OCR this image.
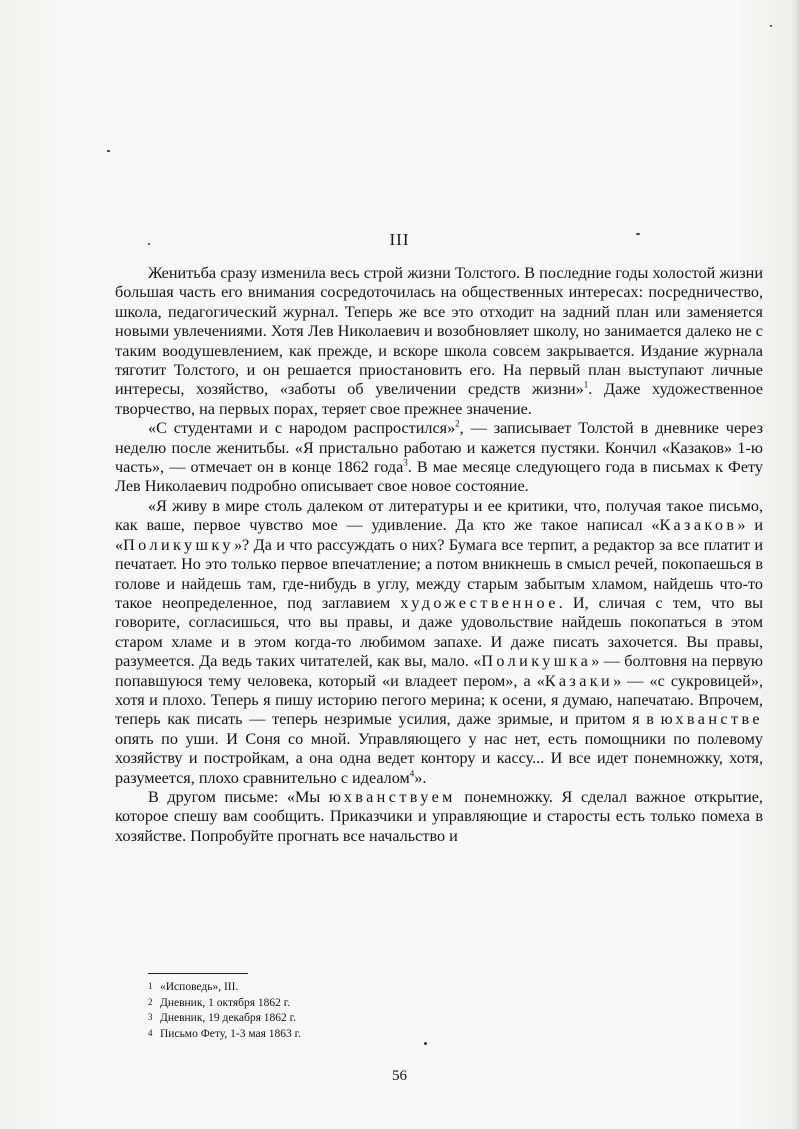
III

Женитьба сразу изменила весь строй жизни Толстого. В последние годы холостой жизни большая часть его внимания сосредоточилась на общественных интересах: посредничество, школа, педагогический журнал. Теперь же все это отходит на задний план или заменяется новыми увлечениями. Хотя Лев Николаевич и возобновляет школу, но занимается далеко не с таким воодушевлением, как прежде, и вскоре школа совсем закрывается. Издание журнала тяготит Толстого, и он решается приостановить его. На первый план выступают личные интересы, хозяйство, «заботы об увеличении средств жизни»$^1$. Даже художественное творчество, на первых порах, теряет свое прежнее значение.

«С студентами и с народом распростился»$^2$, — записывает Толстой в дневнике через неделю после женитьбы. «Я пристально работаю и кажется пустяки. Кончил «Казаков» 1-ю часть», — отмечает он в конце 1862 года$^3$. В мае месяце следующего года в письмах к Фету Лев Николаевич подробно описывает свое новое состояние.

«Я живу в мире столь далеком от литературы и ее критики, что, получая такое письмо, как ваше, первое чувство мое — удивление. Да кто же такое написал «Казаков» и «Поликушку»? Да и что рассуждать о них? Бумага все терпит, а редактор за все платит и печатает. Но это только первое впечатление; а потом вникнешь в смысл речей, покопаешься в голове и найдешь там, где-нибудь в углу, между старым забытым хламом, найдешь что-то такое неопределенное, под заглавием художественное. И, сличая с тем, что вы говорите, согласишься, что вы правы, и даже удовольствие найдешь покопаться в этом старом хламе и в этом когда-то любимом запахе. И даже писать захочется. Вы правы, разумеется. Да ведь таких читателей, как вы, мало. «Поликушка» — болтовня на первую попавшуюся тему человека, который «и владеет пером», а «Казаки» — «с сукровицей», хотя и плохо. Теперь я пишу историю пегого мерина; к осени, я думаю, напечатаю. Впрочем, теперь как писать — теперь незримые усилия, даже зримые, и притом я в юхванстве опять по уши. И Соня со мной. Управляющего у нас нет, есть помощники по полевому хозяйству и постройкам, а она одна ведет контору и кассу... И все идет понемножку, хотя, разумеется, плохо сравнительно с идеалом$^4$».

В другом письме: «Мы юхванствуем понемножку. Я сделал важное открытие, которое спешу вам сообщить. Приказчики и управляющие и старосты есть только помеха в хозяйстве. Попробуйте прогнать все начальство и

1 «Исповедь», III.
2 Дневник, 1 октября 1862 г.
3 Дневник, 19 декабря 1862 г.
4 Письмо Фету, 1-3 мая 1863 г.
56
